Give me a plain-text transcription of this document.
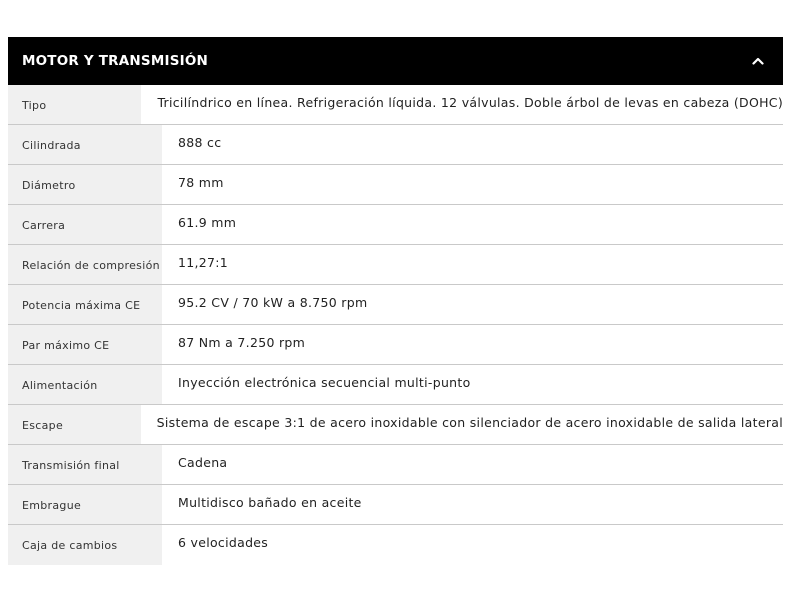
MOTOR Y TRANSMISIÓN
Tipo	Tricilíndrico en línea. Refrigeración líquida. 12 válvulas. Doble árbol de levas en cabeza (DOHC)
Cilindrada	888 cc
Diámetro	78 mm
Carrera	61.9 mm
Relación de compresión	11,27:1
Potencia máxima CE	95.2 CV / 70 kW a 8.750 rpm
Par máximo CE	87 Nm a 7.250 rpm
Alimentación	Inyección electrónica secuencial multi-punto
Escape	Sistema de escape 3:1 de acero inoxidable con silenciador de acero inoxidable de salida lateral
Transmisión final	Cadena
Embrague	Multidisco bañado en aceite
Caja de cambios	6 velocidades
